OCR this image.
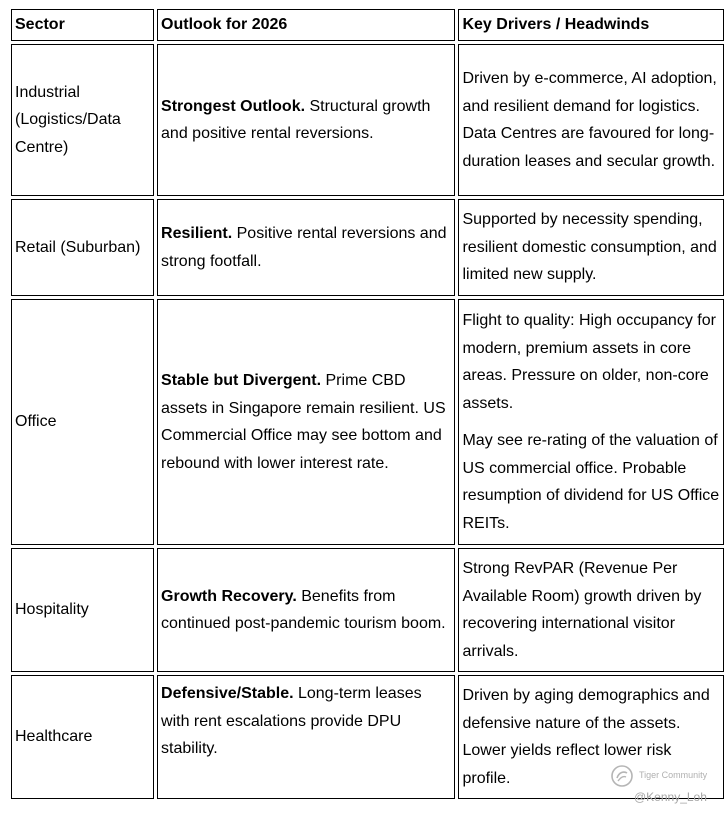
Sector	Outlook for 2026	Key Drivers / Headwinds
Industrial (Logistics/Data Centre)	Strongest Outlook. Structural growth and positive rental reversions.	Driven by e-commerce, AI adoption, and resilient demand for logistics. Data Centres are favoured for long-duration leases and secular growth.

Retail (Suburban)	Resilient. Positive rental reversions and strong footfall.	Supported by necessity spending, resilient domestic consumption, and limited new supply.

Office	Stable but Divergent. Prime CBD assets in Singapore remain resilient. US Commercial Office may see bottom and rebound with lower interest rate.	Flight to quality: High occupancy for modern, premium assets in core areas. Pressure on older, non-core assets.
May see re-rating of the valuation of US commercial office. Probable resumption of dividend for US Office REITs.

Hospitality	Growth Recovery. Benefits from continued post-pandemic tourism boom.	Strong RevPAR (Revenue Per Available Room) growth driven by recovering international visitor arrivals.

Healthcare	Defensive/Stable. Long-term leases with rent escalations provide DPU stability.	Driven by aging demographics and defensive nature of the assets. Lower yields reflect lower risk profile.	Tiger Community
@Kenny_Loh
